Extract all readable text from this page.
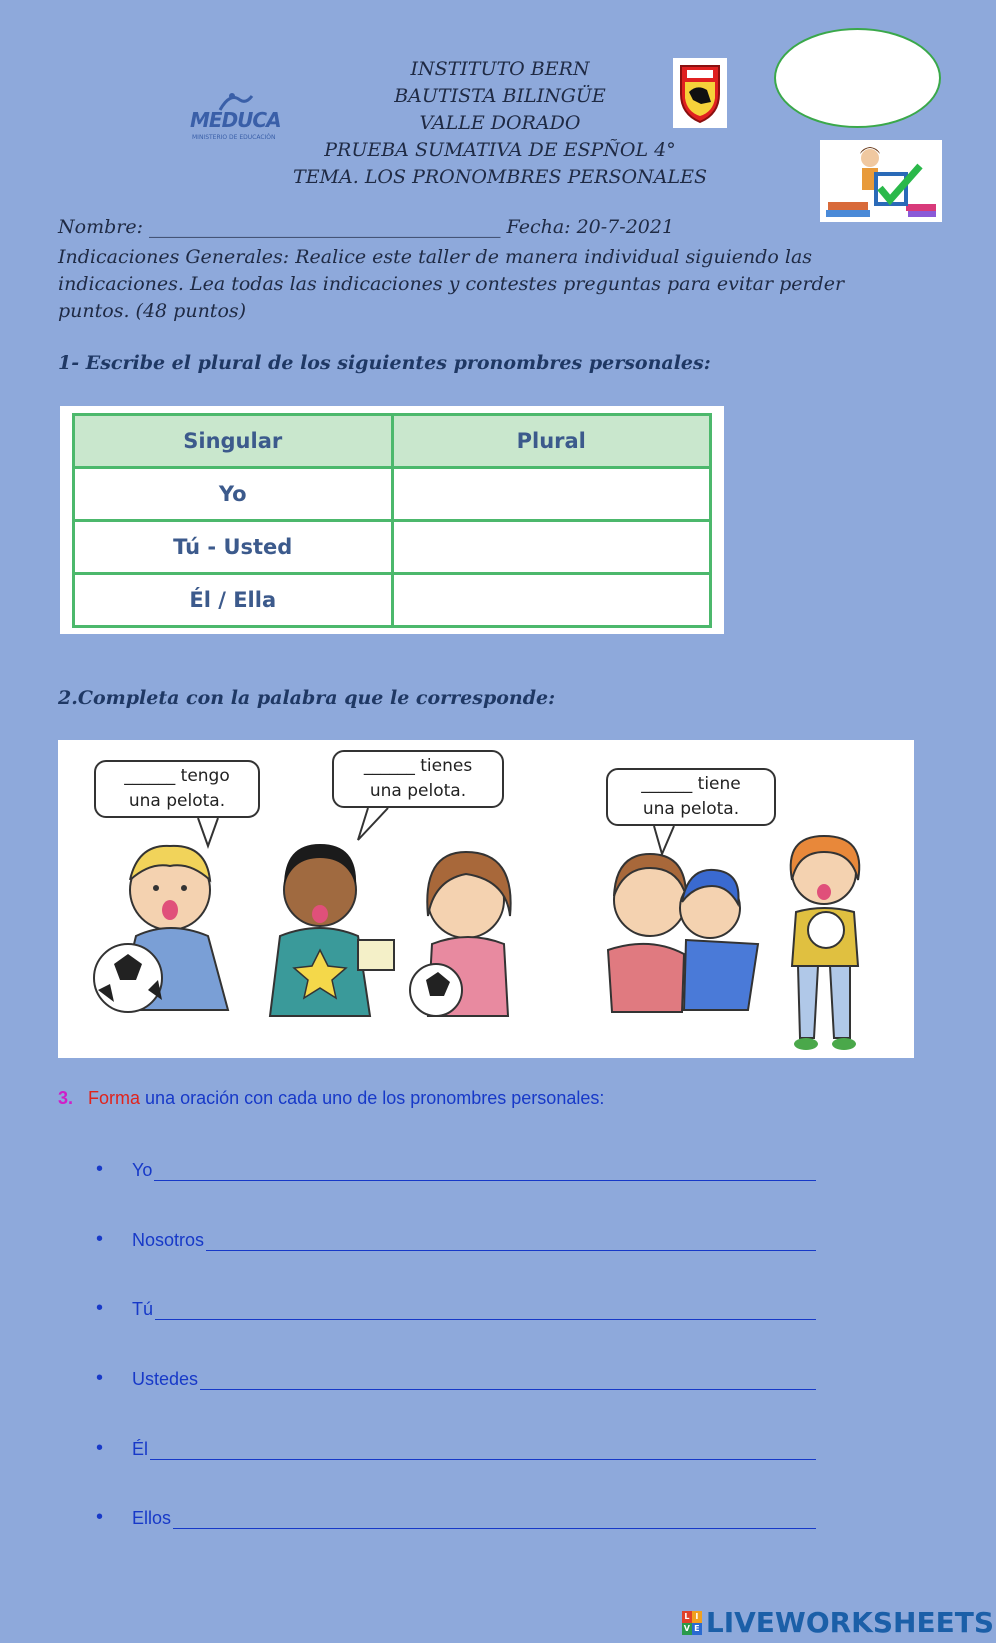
INSTITUTO BERN
BAUTISTA BILINGÜE
VALLE DORADO
PRUEBA SUMATIVA DE ESPÑOL 4°
TEMA. LOS PRONOMBRES PERSONALES
MEDUCA
MINISTERIO DE EDUCACIÓN
Nombre: _____________________________________ Fecha: 20-7-2021
Indicaciones Generales: Realice este taller de manera individual siguiendo las indicaciones. Lea todas las indicaciones y contestes preguntas para evitar perder puntos. (48 puntos)
1- Escribe el plural de los siguientes pronombres personales:
Singular	Plural
Yo	
Tú - Usted	
Él / Ella	
2.Completa con la palabra que le corresponde:
______ tengo
una pelota.
______ tienes
una pelota.	______ tiene
una pelota.
3. Forma una oración con cada uno de los pronombres personales:
•	Yo
•	Nosotros
•	Tú
•	Ustedes
•	Él
•	Ellos
L I
V E LIVEWORKSHEETS
